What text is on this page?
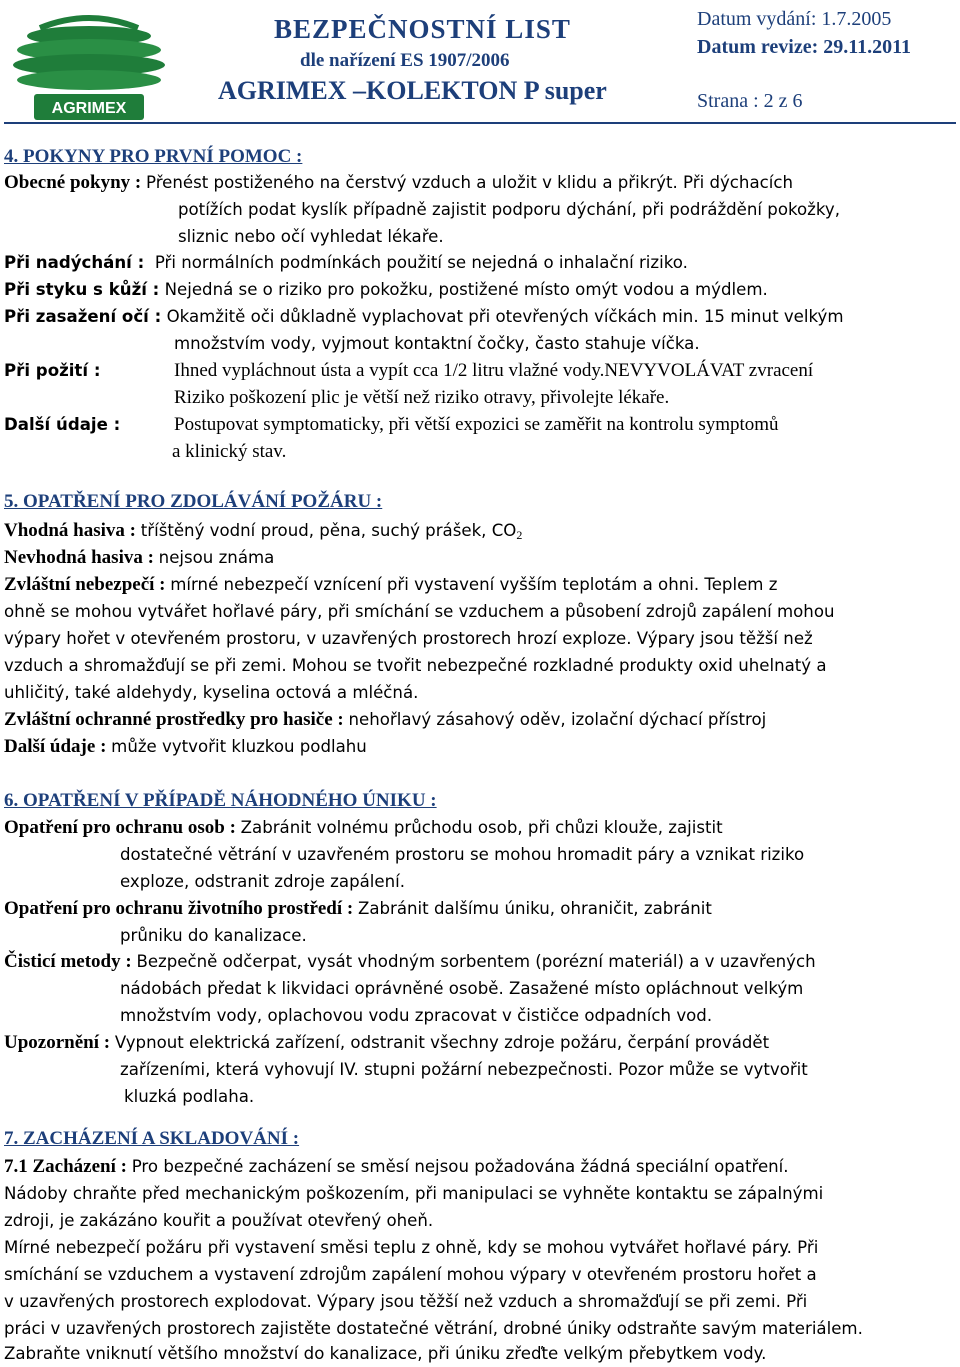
AGRIMEX
BEZPEČNOSTNÍ LIST
dle nařízení ES 1907/2006
AGRIMEX –KOLEKTON P super
Datum vydání: 1.7.2005
Datum revize: 29.11.2011
Strana : 2 z 6
4. POKYNY PRO PRVNÍ POMOC :
Obecné pokyny : Přenést postiženého na čerstvý vzduch a uložit v klidu a přikrýt. Při dýchacích
potížích podat kyslík případně zajistit podporu dýchání, při podráždění pokožky,
sliznic nebo očí vyhledat lékaře.
Při nadýchání : Při normálních podmínkách použití se nejedná o inhalační riziko.
Při styku s kůží : Nejedná se o riziko pro pokožku, postižené místo omýt vodou a mýdlem.
Při zasažení očí : Okamžitě oči důkladně vyplachovat při otevřených víčkách min. 15 minut velkým
množstvím vody, vyjmout kontaktní čočky, často stahuje víčka.
Při požití :	Ihned vypláchnout ústa a vypít cca 1/2 litru vlažné vody.NEVYVOLÁVAT zvracení
Riziko poškození plic je větší než riziko otravy, přivolejte lékaře.
Další údaje :	Postupovat symptomaticky, při větší expozici se zaměřit na kontrolu symptomů
a klinický stav.
5. OPATŘENÍ PRO ZDOLÁVÁNÍ POŽÁRU :
Vhodná hasiva : tříštěný vodní proud, pěna, suchý prášek, CO2
Nevhodná hasiva : nejsou známa
Zvláštní nebezpečí : mírné nebezpečí vznícení při vystavení vyšším teplotám a ohni. Teplem z
ohně se mohou vytvářet hořlavé páry, při smíchání se vzduchem a působení zdrojů zapálení mohou
výpary hořet v otevřeném prostoru, v uzavřených prostorech hrozí exploze. Výpary jsou těžší než
vzduch a shromažďují se při zemi. Mohou se tvořit nebezpečné rozkladné produkty oxid uhelnatý a
uhličitý, také aldehydy, kyselina octová a mléčná.
Zvláštní ochranné prostředky pro hasiče : nehořlavý zásahový oděv, izolační dýchací přístroj
Další údaje : může vytvořit kluzkou podlahu
6. OPATŘENÍ V PŘÍPADĚ NÁHODNÉHO ÚNIKU :
Opatření pro ochranu osob : Zabránit volnému průchodu osob, při chůzi klouže, zajistit
dostatečné větrání v uzavřeném prostoru se mohou hromadit páry a vznikat riziko
exploze, odstranit zdroje zapálení.
Opatření pro ochranu životního prostředí : Zabránit dalšímu úniku, ohraničit, zabránit
průniku do kanalizace.
Čisticí metody : Bezpečně odčerpat, vysát vhodným sorbentem (porézní materiál) a v uzavřených
nádobách předat k likvidaci oprávněné osobě. Zasažené místo opláchnout velkým
množstvím vody, oplachovou vodu zpracovat v čističce odpadních vod.
Upozornění : Vypnout elektrická zařízení, odstranit všechny zdroje požáru, čerpání provádět
zařízeními, která vyhovují IV. stupni požární nebezpečnosti. Pozor může se vytvořit
kluzká podlaha.
7. ZACHÁZENÍ A SKLADOVÁNÍ :
7.1 Zacházení : Pro bezpečné zacházení se směsí nejsou požadována žádná speciální opatření.
Nádoby chraňte před mechanickým poškozením, při manipulaci se vyhněte kontaktu se zápalnými
zdroji, je zakázáno kouřit a používat otevřený oheň.
Mírné nebezpečí požáru při vystavení směsi teplu z ohně, kdy se mohou vytvářet hořlavé páry. Při
smíchání se vzduchem a vystavení zdrojům zapálení mohou výpary v otevřeném prostoru hořet a
v uzavřených prostorech explodovat. Výpary jsou těžší než vzduch a shromažďují se při zemi. Při
práci v uzavřených prostorech zajistěte dostatečné větrání, drobné úniky odstraňte savým materiálem.
Zabraňte vniknutí většího množství do kanalizace, při úniku zřeďte velkým přebytkem vody.
